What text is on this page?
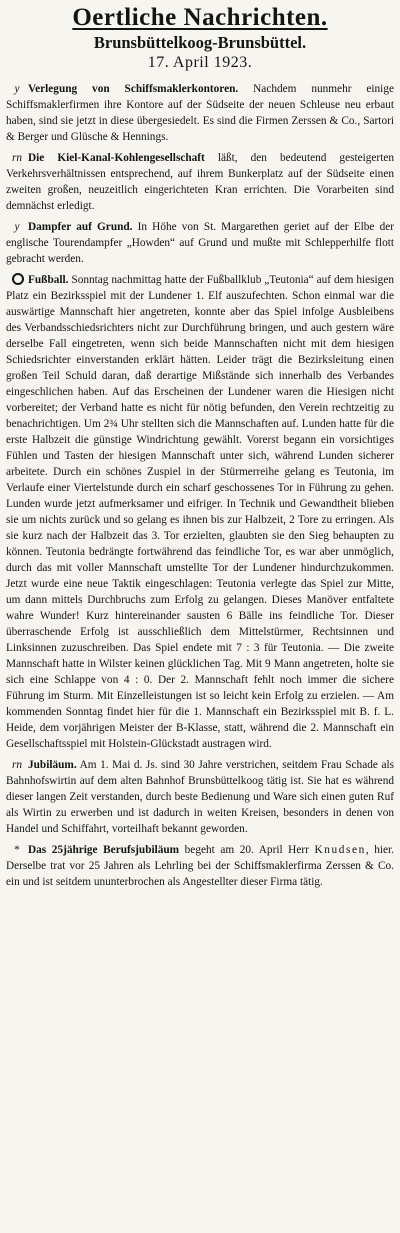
Oertliche Nachrichten.
Brunsbüttelkoog-Brunsbüttel.
17. April 1923.

y Verlegung von Schiffsmaklerkontoren. Nachdem nunmehr einige Schiffsmaklerfirmen ihre Kontore auf der Südseite der neuen Schleuse neu erbaut haben, sind sie jetzt in diese übergesiedelt. Es sind die Firmen Zerssen & Co., Sartori & Berger und Glüsche & Hennings.

rn Die Kiel-Kanal-Kohlengesellschaft läßt, den bedeutend gesteigerten Verkehrsverhältnissen entsprechend, auf ihrem Bunkerplatz auf der Südseite einen zweiten großen, neuzeitlich eingerichteten Kran errichten. Die Vorarbeiten sind demnächst erledigt.

y Dampfer auf Grund. In Höhe von St. Margarethen geriet auf der Elbe der englische Tourendampfer „Howden“ auf Grund und mußte mit Schlepperhilfe flott gebracht werden.

Fußball. Sonntag nachmittag hatte der Fußballklub „Teutonia“ auf dem hiesigen Platz ein Bezirksspiel mit der Lundener 1. Elf auszufechten. Schon einmal war die auswärtige Mannschaft hier angetreten, konnte aber das Spiel infolge Ausbleibens des Verbandsschiedsrichters nicht zur Durchführung bringen, und auch gestern wäre derselbe Fall eingetreten, wenn sich beide Mannschaften nicht mit dem hiesigen Schiedsrichter einverstanden erklärt hätten. Leider trägt die Bezirksleitung einen großen Teil Schuld daran, daß derartige Mißstände sich innerhalb des Verbandes eingeschlichen haben. Auf das Erscheinen der Lundener waren die Hiesigen nicht vorbereitet; der Verband hatte es nicht für nötig befunden, den Verein rechtzeitig zu benachrichtigen. Um 2¾ Uhr stellten sich die Mannschaften auf. Lunden hatte für die erste Halbzeit die günstige Windrichtung gewählt. Vorerst begann ein vorsichtiges Fühlen und Tasten der hiesigen Mannschaft unter sich, während Lunden sicherer arbeitete. Durch ein schönes Zuspiel in der Stürmerreihe gelang es Teutonia, im Verlaufe einer Viertelstunde durch ein scharf geschossenes Tor in Führung zu gehen. Lunden wurde jetzt aufmerksamer und eifriger. In Technik und Gewandtheit blieben sie um nichts zurück und so gelang es ihnen bis zur Halbzeit, 2 Tore zu erringen. Als sie kurz nach der Halbzeit das 3. Tor erzielten, glaubten sie den Sieg behaupten zu können. Teutonia bedrängte fortwährend das feindliche Tor, es war aber unmöglich, durch das mit voller Mannschaft umstellte Tor der Lundener hindurchzukommen. Jetzt wurde eine neue Taktik eingeschlagen: Teutonia verlegte das Spiel zur Mitte, um dann mittels Durchbruchs zum Erfolg zu gelangen. Dieses Manöver entfaltete wahre Wunder! Kurz hintereinander sausten 6 Bälle ins feindliche Tor. Dieser überraschende Erfolg ist ausschließlich dem Mittelstürmer, Rechtsinnen und Linksinnen zuzuschreiben. Das Spiel endete mit 7 : 3 für Teutonia. — Die zweite Mannschaft hatte in Wilster keinen glücklichen Tag. Mit 9 Mann angetreten, holte sie sich eine Schlappe von 4 : 0. Der 2. Mannschaft fehlt noch immer die sichere Führung im Sturm. Mit Einzelleistungen ist so leicht kein Erfolg zu erzielen. — Am kommenden Sonntag findet hier für die 1. Mannschaft ein Bezirksspiel mit B. f. L. Heide, dem vorjährigen Meister der B-Klasse, statt, während die 2. Mannschaft ein Gesellschaftsspiel mit Holstein-Glückstadt austragen wird.

rn Jubiläum. Am 1. Mai d. Js. sind 30 Jahre verstrichen, seitdem Frau Schade als Bahnhofswirtin auf dem alten Bahnhof Brunsbüttelkoog tätig ist. Sie hat es während dieser langen Zeit verstanden, durch beste Bedienung und Ware sich einen guten Ruf als Wirtin zu erwerben und ist dadurch in weiten Kreisen, besonders in denen von Handel und Schiffahrt, vorteilhaft bekannt geworden.

* Das 25jährige Berufsjubiläum begeht am 20. April Herr Knudsen, hier. Derselbe trat vor 25 Jahren als Lehrling bei der Schiffsmaklerfirma Zerssen & Co. ein und ist seitdem ununterbrochen als Angestellter dieser Firma tätig.
